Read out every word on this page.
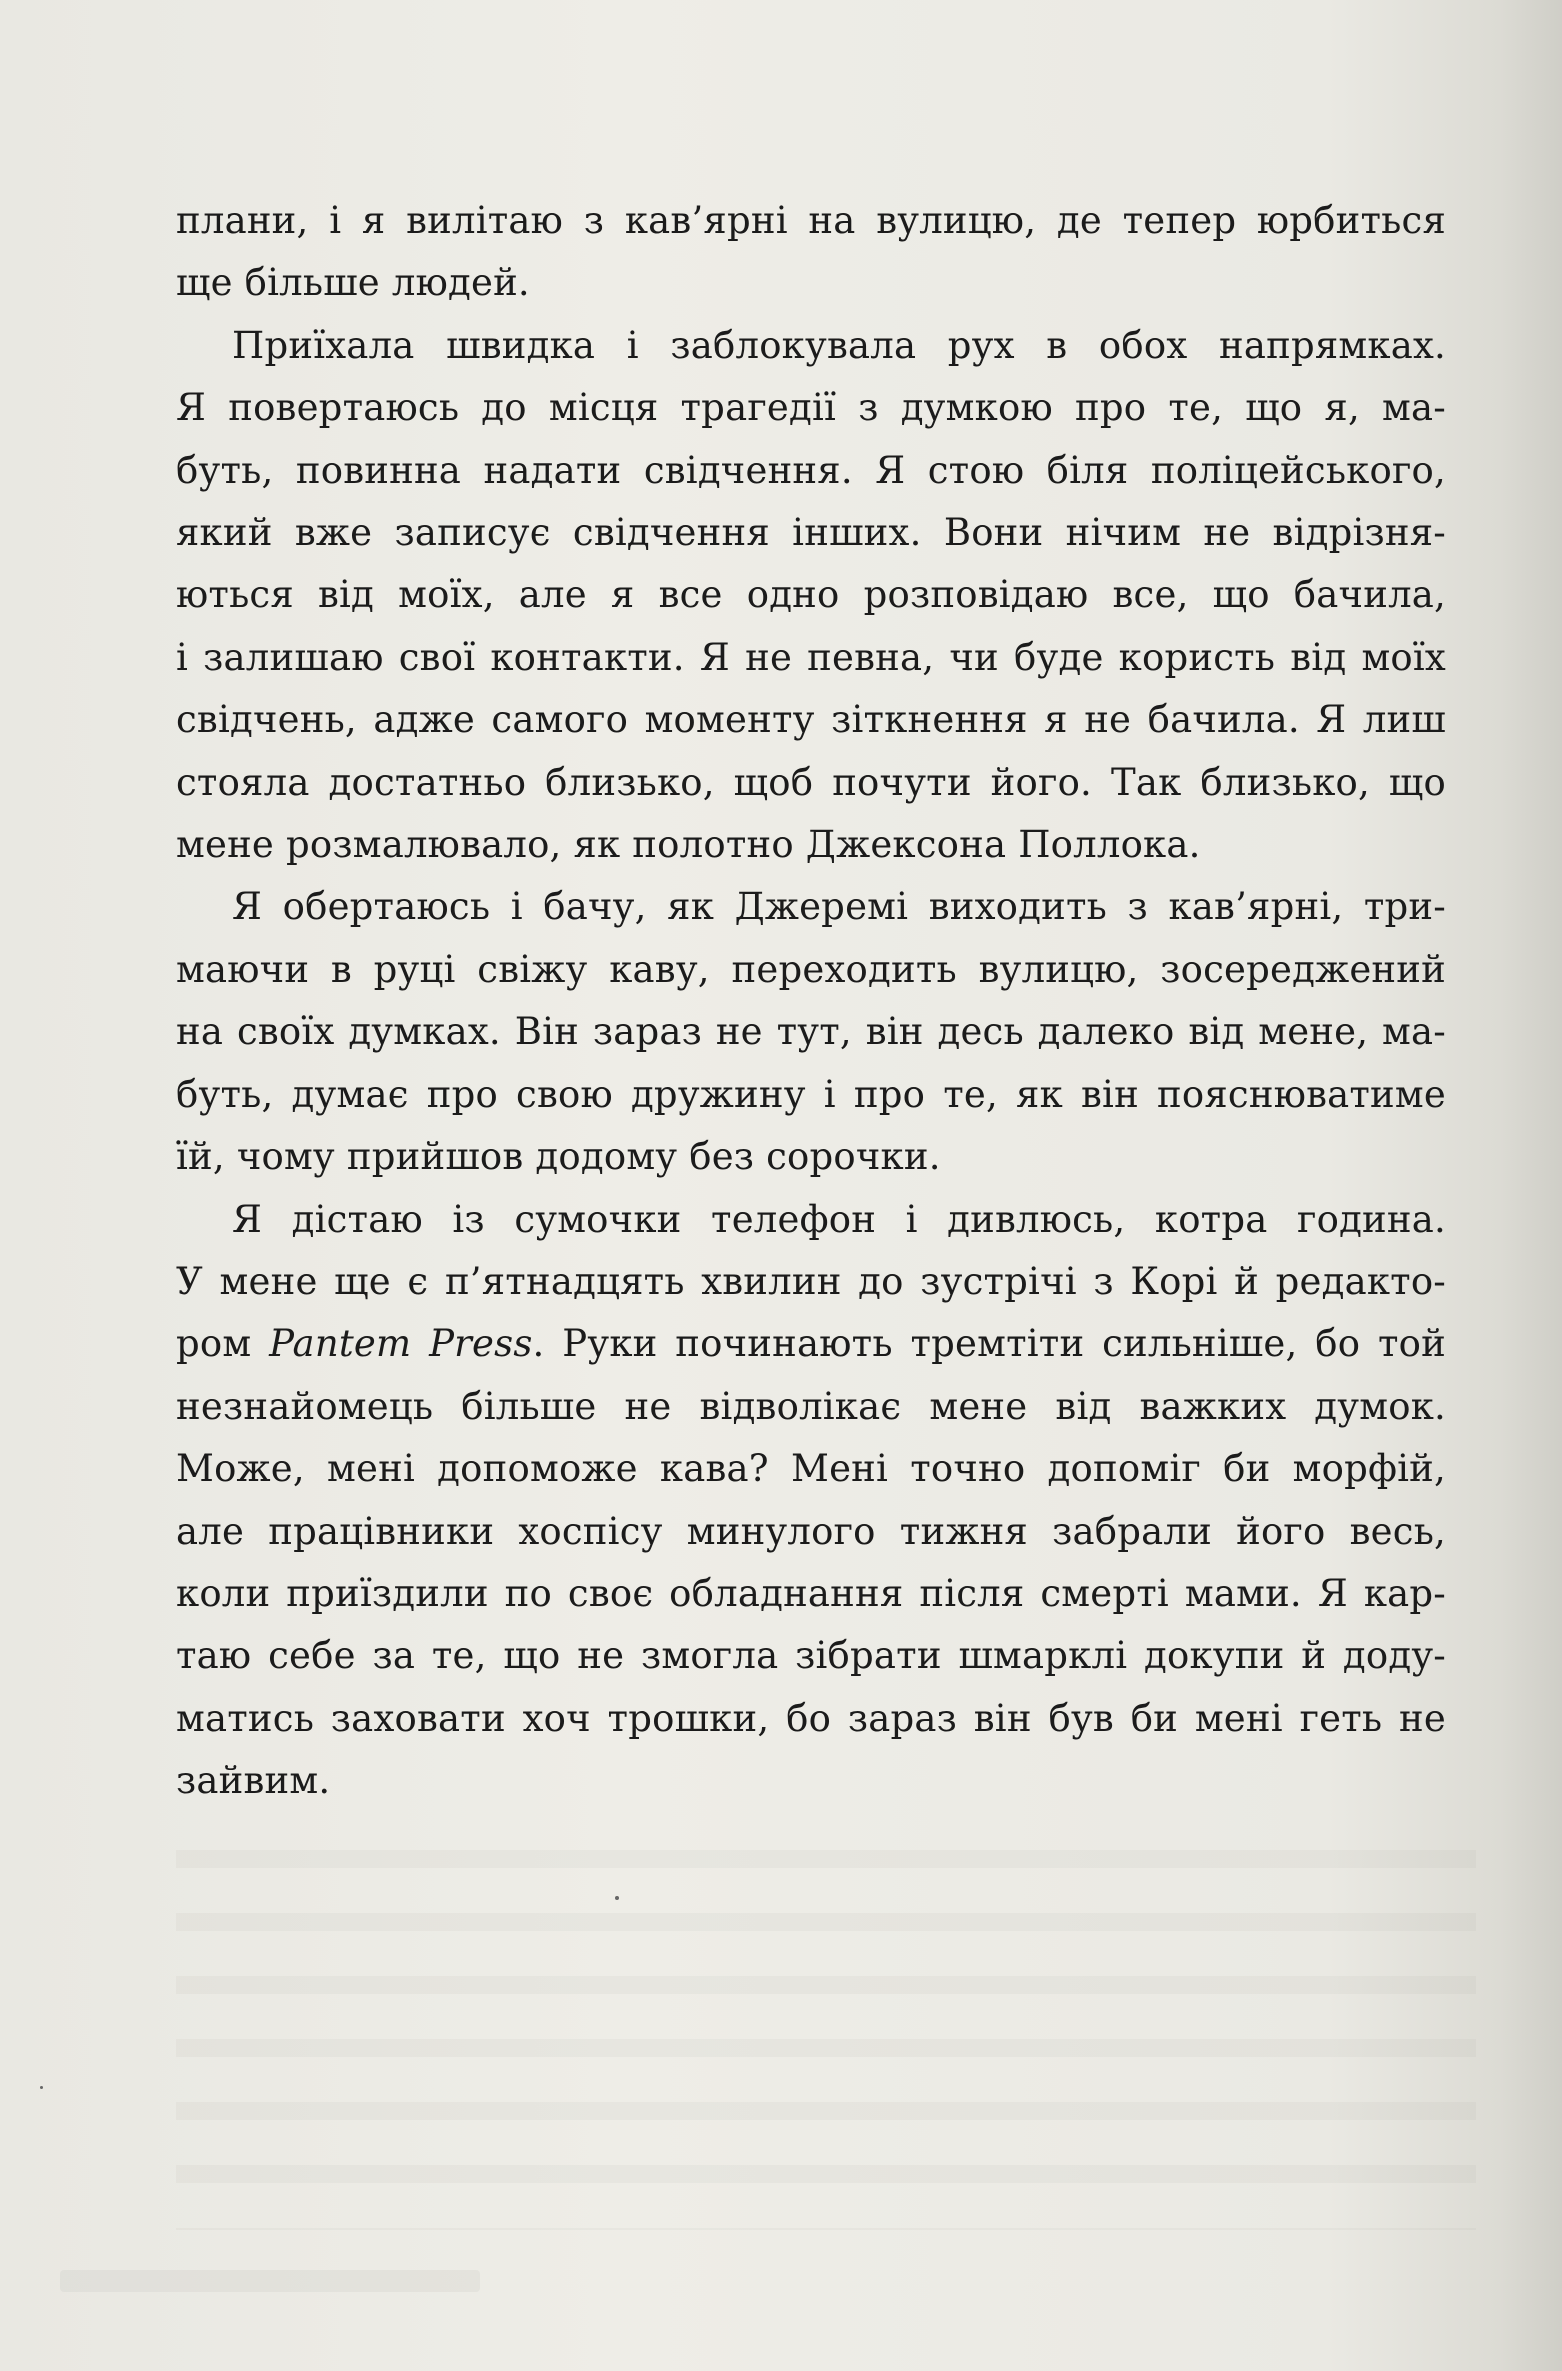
плани, і я вилітаю з кав’ярні на вулицю, де тепер юрбиться
ще більше людей.

Приїхала швидка і заблокувала рух в обох напрямках.
Я повертаюсь до місця трагедії з думкою про те, що я, ма-
буть, повинна надати свідчення. Я стою біля поліцейського,
який вже записує свідчення інших. Вони нічим не відрізня-
ються від моїх, але я все одно розповідаю все, що бачила,
і залишаю свої контакти. Я не певна, чи буде користь від моїх
свідчень, адже самого моменту зіткнення я не бачила. Я лиш
стояла достатньо близько, щоб почути його. Так близько, що
мене розмалювало, як полотно Джексона Поллока.

Я обертаюсь і бачу, як Джеремі виходить з кав’ярні, три-
маючи в руці свіжу каву, переходить вулицю, зосереджений
на своїх думках. Він зараз не тут, він десь далеко від мене, ма-
буть, думає про свою дружину і про те, як він пояснюватиме
їй, чому прийшов додому без сорочки.

Я дістаю із сумочки телефон і дивлюсь, котра година.
У мене ще є п’ятнадцять хвилин до зустрічі з Корі й редакто-
ром Pantem Press. Руки починають тремтіти сильніше, бо той
незнайомець більше не відволікає мене від важких думок.
Може, мені допоможе кава? Мені точно допоміг би морфій,
але працівники хоспісу минулого тижня забрали його весь,
коли приїздили по своє обладнання після смерті мами. Я кар-
таю себе за те, що не змогла зібрати шмарклі докупи й доду-
матись заховати хоч трошки, бо зараз він був би мені геть не
зайвим.
